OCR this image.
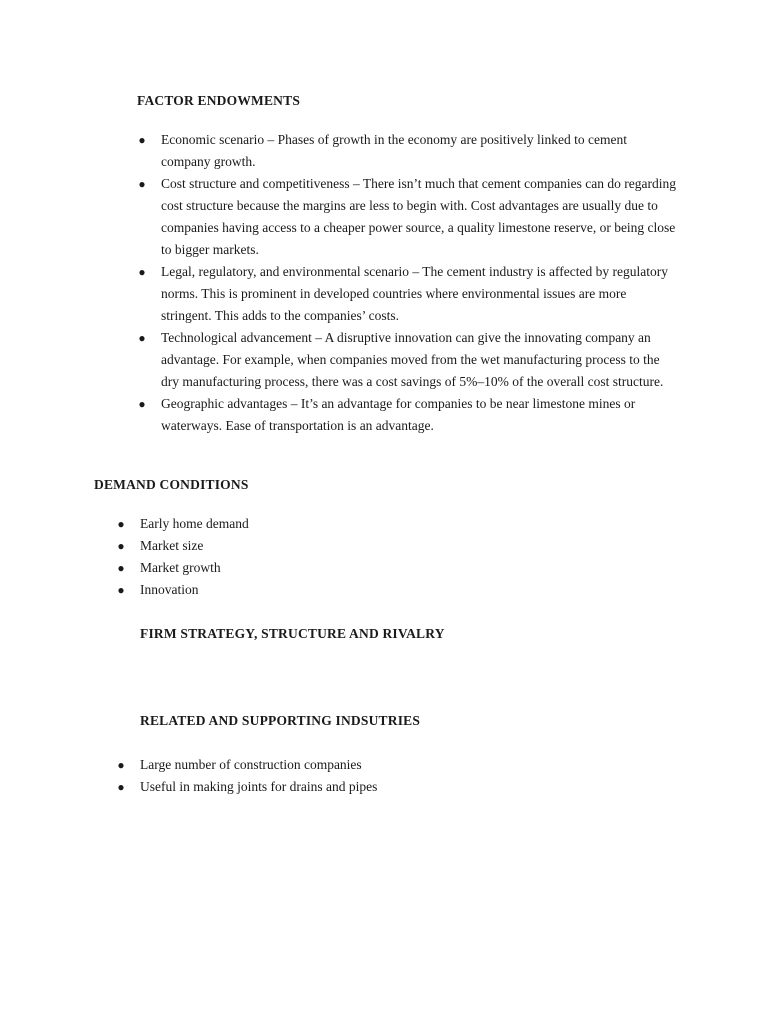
FACTOR ENDOWMENTS
● Economic scenario – Phases of growth in the economy are positively linked to cement company growth.
● Cost structure and competitiveness – There isn’t much that cement companies can do regarding cost structure because the margins are less to begin with. Cost advantages are usually due to companies having access to a cheaper power source, a quality limestone reserve, or being close to bigger markets.
● Legal, regulatory, and environmental scenario – The cement industry is affected by regulatory norms. This is prominent in developed countries where environmental issues are more stringent. This adds to the companies’ costs.
● Technological advancement – A disruptive innovation can give the innovating company an advantage. For example, when companies moved from the wet manufacturing process to the dry manufacturing process, there was a cost savings of 5%–10% of the overall cost structure.
● Geographic advantages – It’s an advantage for companies to be near limestone mines or waterways. Ease of transportation is an advantage.
DEMAND CONDITIONS
● Early home demand
● Market size
● Market growth
● Innovation
FIRM STRATEGY, STRUCTURE AND RIVALRY
RELATED AND SUPPORTING INDSUTRIES
● Large number of construction companies
● Useful in making joints for drains and pipes
